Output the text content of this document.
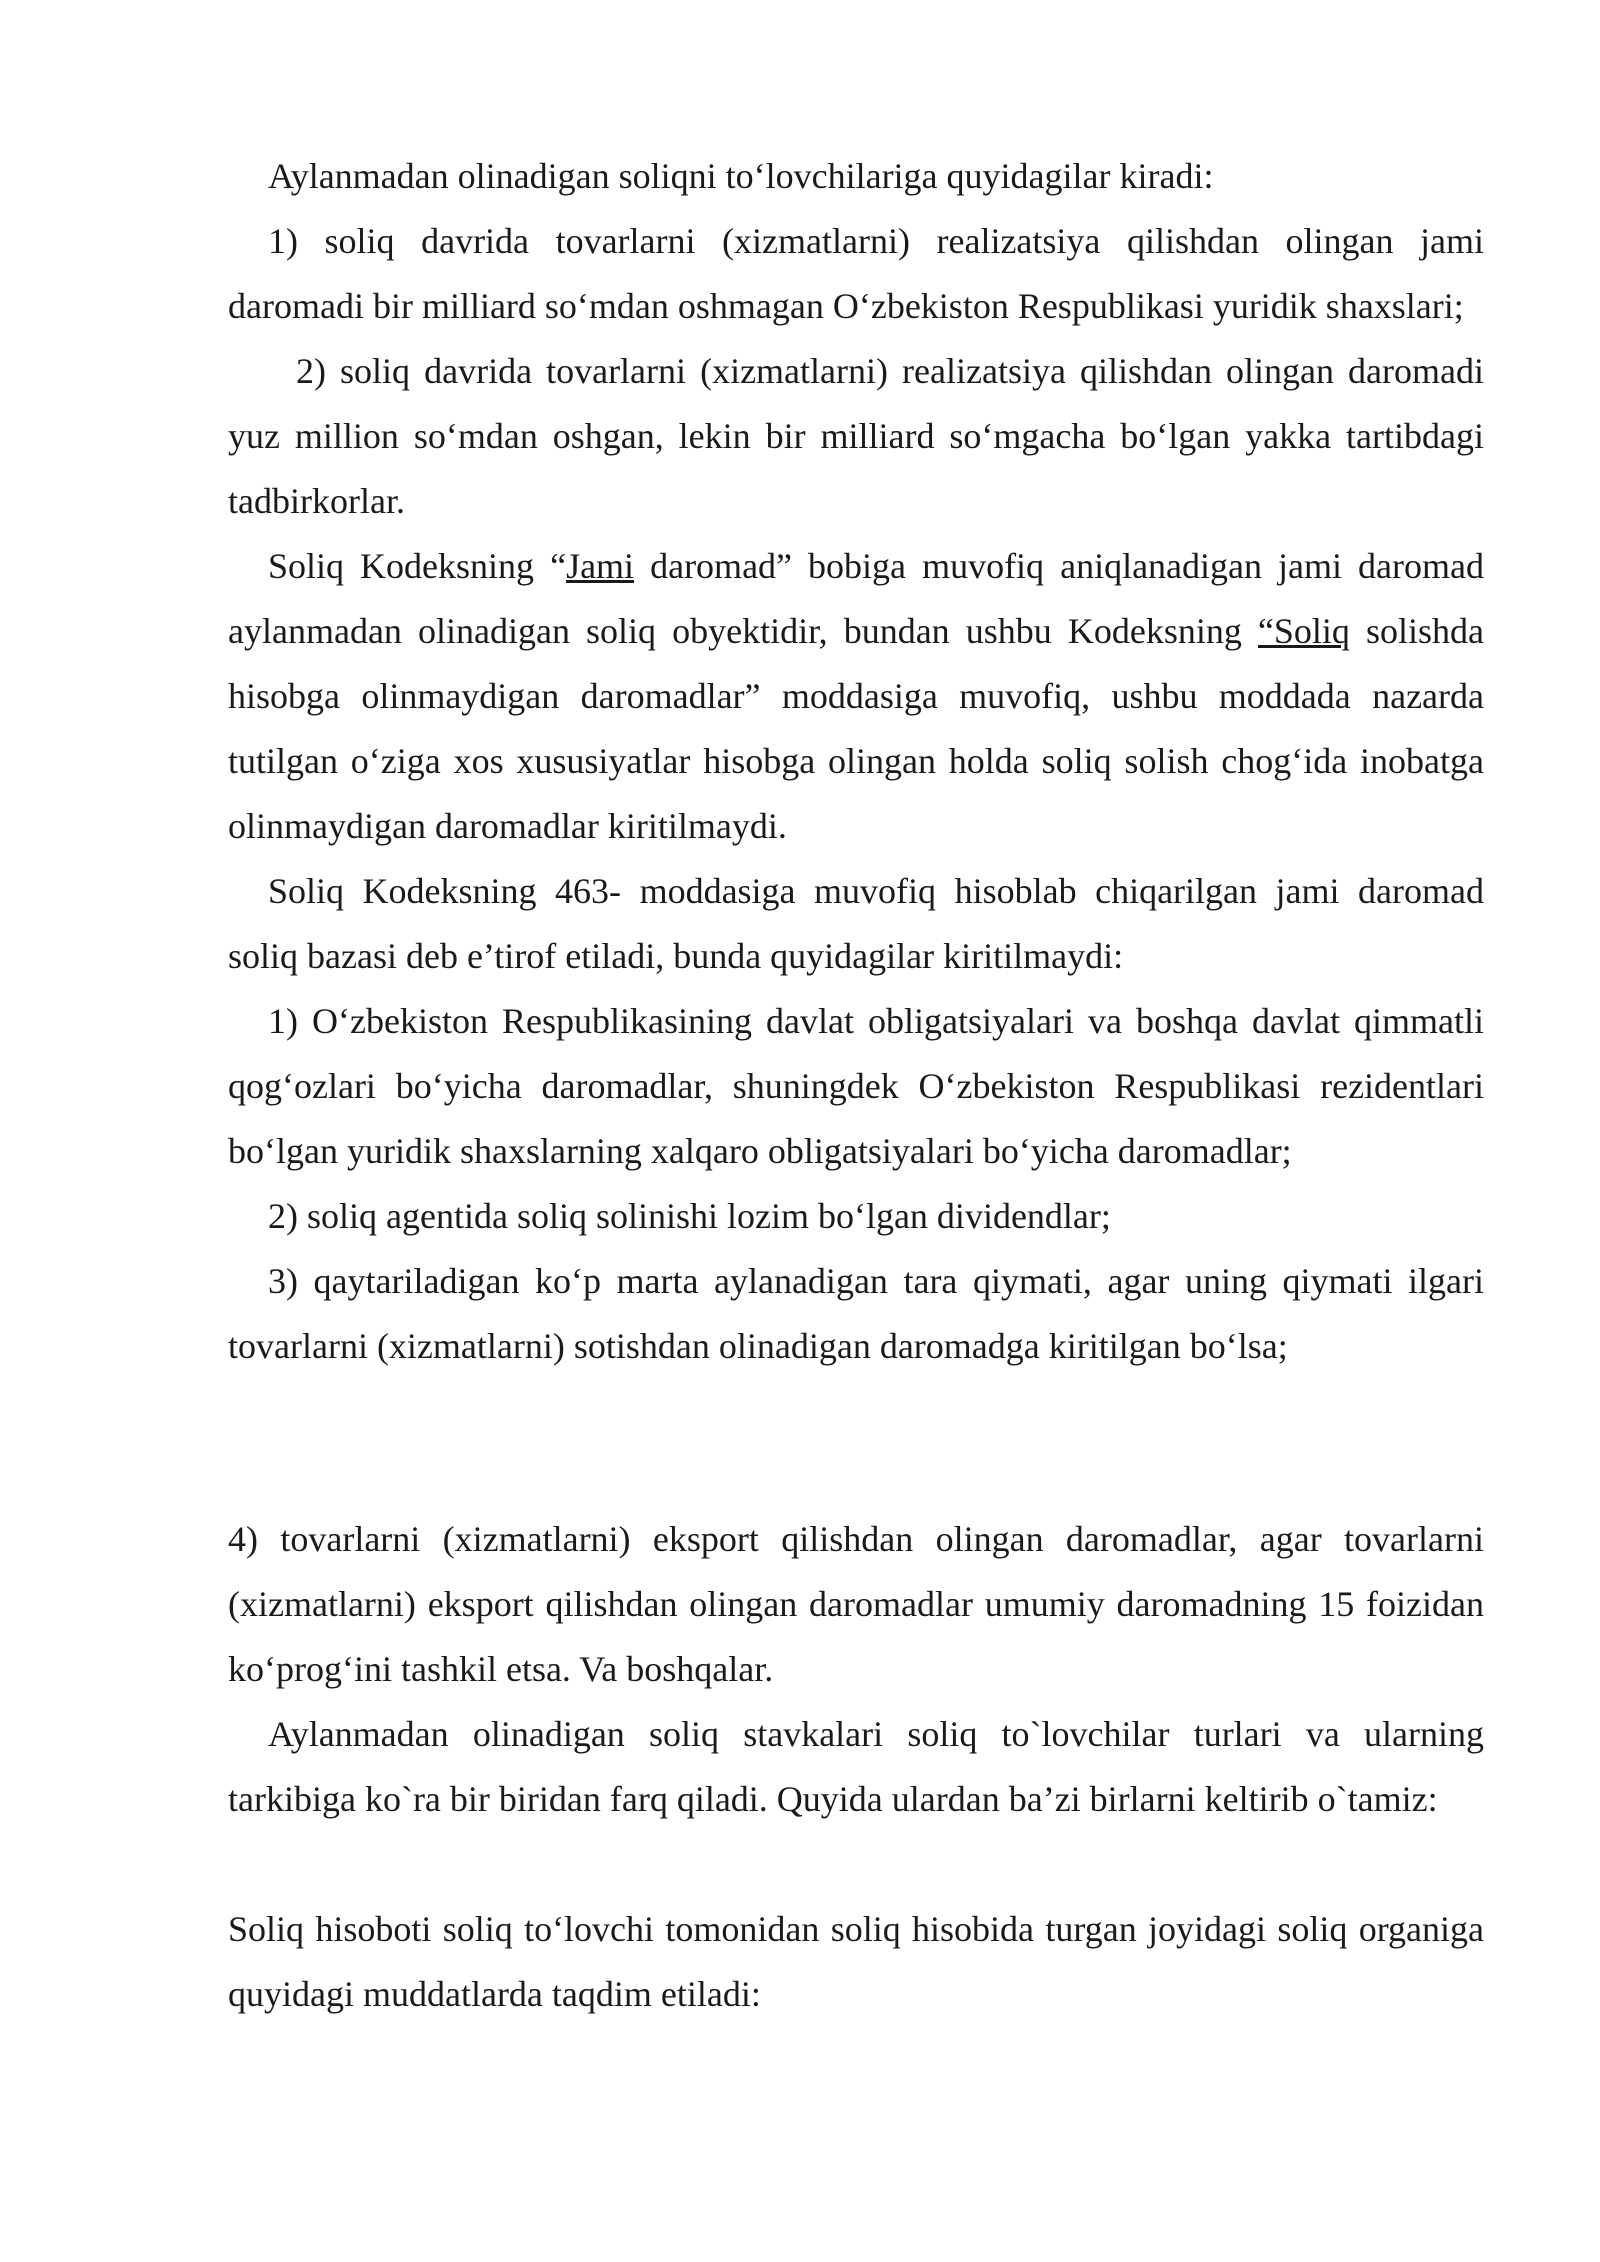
Aylanmadan olinadigan soliqni to‘lovchilariga quyidagilar kiradi:

1) soliq davrida tovarlarni (xizmatlarni) realizatsiya qilishdan olingan jami daromadi bir milliard so‘mdan oshmagan O‘zbekiston Respublikasi yuridik shaxslari;

2) soliq davrida tovarlarni (xizmatlarni) realizatsiya qilishdan olingan daromadi yuz million so‘mdan oshgan, lekin bir milliard so‘mgacha bo‘lgan yakka tartibdagi tadbirkorlar.

Soliq Kodeksning “Jami daromad” bobiga muvofiq aniqlanadigan jami daromad aylanmadan olinadigan soliq obyektidir, bundan ushbu Kodeksning “Soliq solishda hisobga olinmaydigan daromadlar” moddasiga muvofiq, ushbu moddada nazarda tutilgan o‘ziga xos xususiyatlar hisobga olingan holda soliq solish chog‘ida inobatga olinmaydigan daromadlar kiritilmaydi.

Soliq Kodeksning 463- moddasiga muvofiq hisoblab chiqarilgan jami daromad soliq bazasi deb e’tirof etiladi, bunda quyidagilar kiritilmaydi:

1) O‘zbekiston Respublikasining davlat obligatsiyalari va boshqa davlat qimmatli qog‘ozlari bo‘yicha daromadlar, shuningdek O‘zbekiston Respublikasi rezidentlari bo‘lgan yuridik shaxslarning xalqaro obligatsiyalari bo‘yicha daromadlar;

2) soliq agentida soliq solinishi lozim bo‘lgan dividendlar;

3) qaytariladigan ko‘p marta aylanadigan tara qiymati, agar uning qiymati ilgari tovarlarni (xizmatlarni) sotishdan olinadigan daromadga kiritilgan bo‘lsa;

4) tovarlarni (xizmatlarni) eksport qilishdan olingan daromadlar, agar tovarlarni (xizmatlarni) eksport qilishdan olingan daromadlar umumiy daromadning 15 foizidan ko‘prog‘ini tashkil etsa. Va boshqalar.

Aylanmadan olinadigan soliq stavkalari soliq to`lovchilar turlari va ularning tarkibiga ko`ra bir biridan farq qiladi. Quyida ulardan ba’zi birlarni keltirib o`tamiz:

Soliq hisoboti soliq to‘lovchi tomonidan soliq hisobida turgan joyidagi soliq organiga quyidagi muddatlarda taqdim etiladi:
